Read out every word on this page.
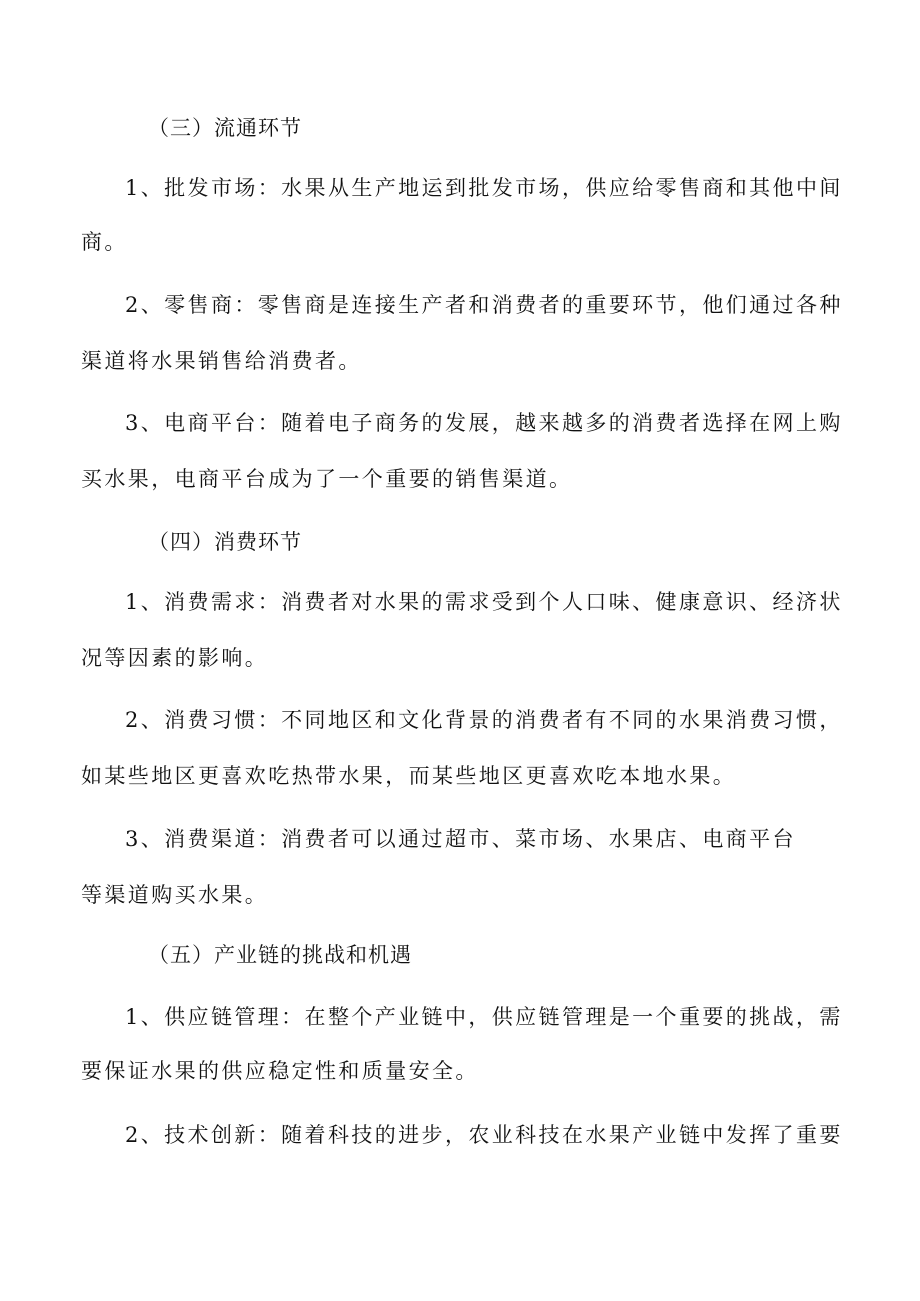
（三）流通环节
1、批发市场：水果从生产地运到批发市场，供应给零售商和其他中间
商。
2、零售商：零售商是连接生产者和消费者的重要环节，他们通过各种
渠道将水果销售给消费者。
3、电商平台：随着电子商务的发展，越来越多的消费者选择在网上购
买水果，电商平台成为了一个重要的销售渠道。
（四）消费环节
1、消费需求：消费者对水果的需求受到个人口味、健康意识、经济状
况等因素的影响。
2、消费习惯：不同地区和文化背景的消费者有不同的水果消费习惯，
如某些地区更喜欢吃热带水果，而某些地区更喜欢吃本地水果。
3、消费渠道：消费者可以通过超市、菜市场、水果店、电商平台
等渠道购买水果。
（五）产业链的挑战和机遇
1、供应链管理：在整个产业链中，供应链管理是一个重要的挑战，需
要保证水果的供应稳定性和质量安全。
2、技术创新：随着科技的进步，农业科技在水果产业链中发挥了重要
